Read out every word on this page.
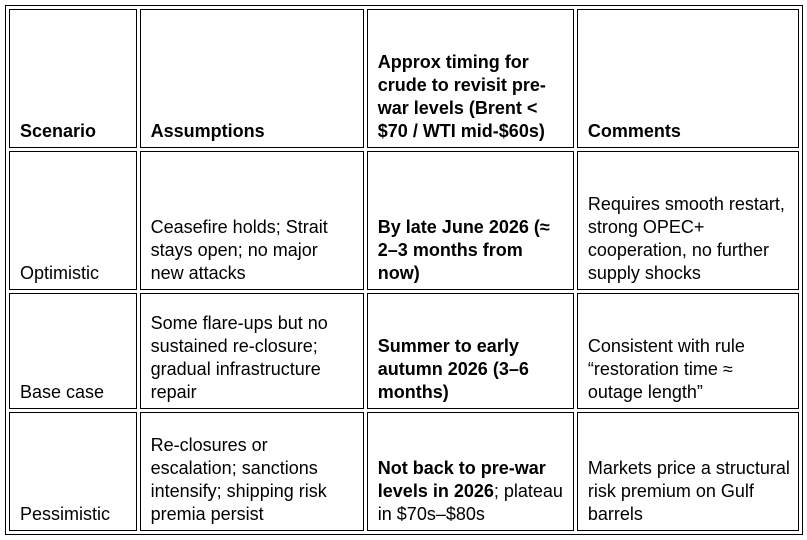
Scenario	Assumptions	Approx timing for crude to revisit pre-war levels (Brent < $70 / WTI mid-$60s)	Comments
Optimistic	Ceasefire holds; Strait stays open; no major new attacks	By late June 2026 (≈ 2–3 months from now)	Requires smooth restart, strong OPEC+ cooperation, no further supply shocks
Base case	Some flare-ups but no sustained re-closure; gradual infrastructure repair	Summer to early autumn 2026 (3–6 months)	Consistent with rule “restoration time ≈ outage length”
Pessimistic	Re-closures or escalation; sanctions intensify; shipping risk premia persist	Not back to pre-war levels in 2026; plateau in $70s–$80s	Markets price a structural risk premium on Gulf barrels
